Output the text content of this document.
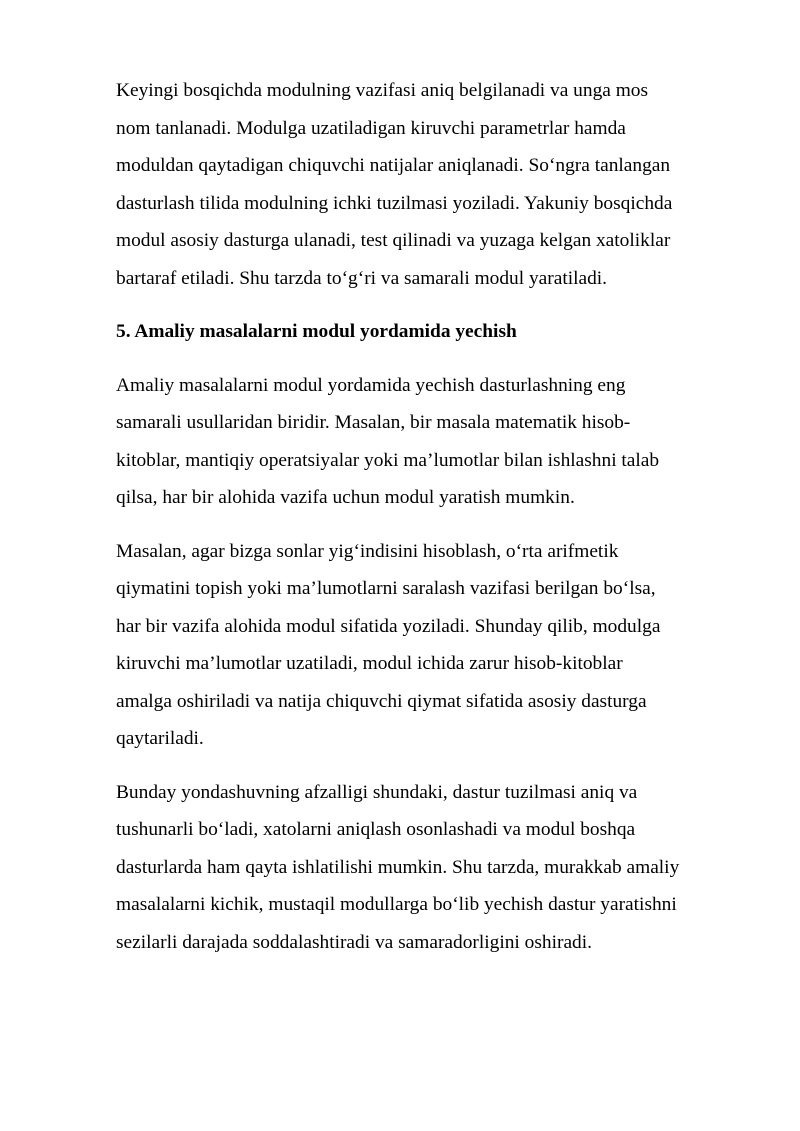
Keyingi bosqichda modulning vazifasi aniq belgilanadi va unga mos
nom tanlanadi. Modulga uzatiladigan kiruvchi parametrlar hamda
moduldan qaytadigan chiquvchi natijalar aniqlanadi. So‘ngra tanlangan
dasturlash tilida modulning ichki tuzilmasi yoziladi. Yakuniy bosqichda
modul asosiy dasturga ulanadi, test qilinadi va yuzaga kelgan xatoliklar
bartaraf etiladi. Shu tarzda to‘g‘ri va samarali modul yaratiladi.

5. Amaliy masalalarni modul yordamida yechish

Amaliy masalalarni modul yordamida yechish dasturlashning eng
samarali usullaridan biridir. Masalan, bir masala matematik hisob-
kitoblar, mantiqiy operatsiyalar yoki ma’lumotlar bilan ishlashni talab
qilsa, har bir alohida vazifa uchun modul yaratish mumkin.

Masalan, agar bizga sonlar yig‘indisini hisoblash, o‘rta arifmetik
qiymatini topish yoki ma’lumotlarni saralash vazifasi berilgan bo‘lsa,
har bir vazifa alohida modul sifatida yoziladi. Shunday qilib, modulga
kiruvchi ma’lumotlar uzatiladi, modul ichida zarur hisob-kitoblar
amalga oshiriladi va natija chiquvchi qiymat sifatida asosiy dasturga
qaytariladi.

Bunday yondashuvning afzalligi shundaki, dastur tuzilmasi aniq va
tushunarli bo‘ladi, xatolarni aniqlash osonlashadi va modul boshqa
dasturlarda ham qayta ishlatilishi mumkin. Shu tarzda, murakkab amaliy
masalalarni kichik, mustaqil modullarga bo‘lib yechish dastur yaratishni
sezilarli darajada soddalashtiradi va samaradorligini oshiradi.
